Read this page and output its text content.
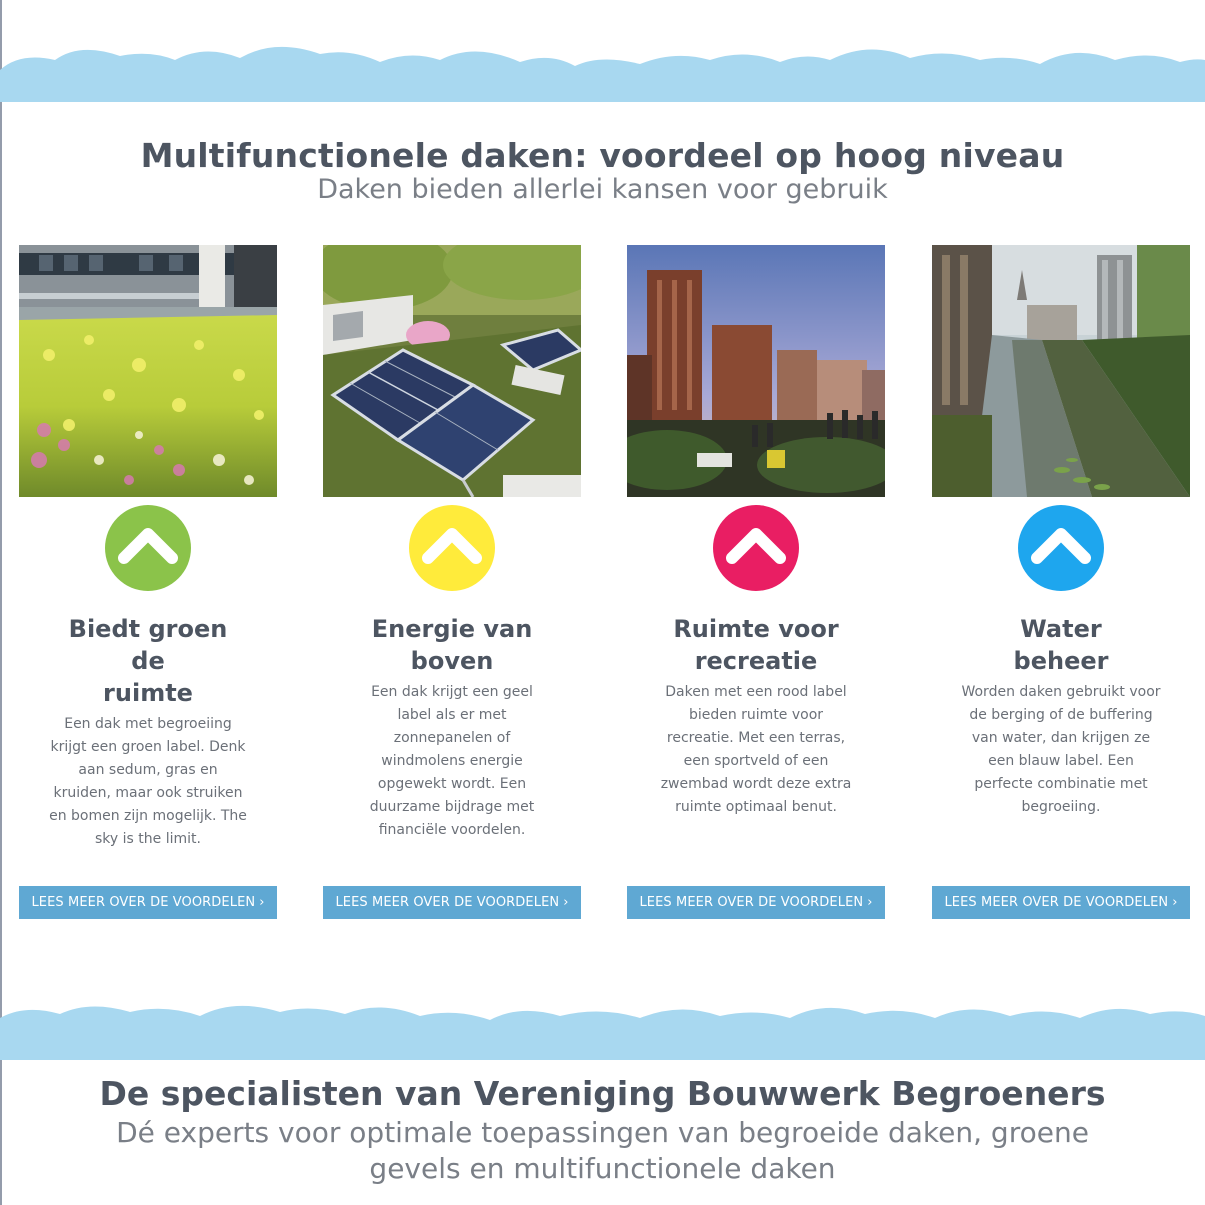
Multifunctionele daken: voordeel op hoog niveau
Daken bieden allerlei kansen voor gebruik
Biedt groen de
ruimte
Een dak met begroeiing krijgt een groen label. Denk aan sedum, gras en kruiden, maar ook struiken en bomen zijn mogelijk. The sky is the limit.
LEES MEER OVER DE VOORDELEN ›
Energie van
boven
Een dak krijgt een geel label als er met zonnepanelen of windmolens energie opgewekt wordt. Een duurzame bijdrage met financiële voordelen.
LEES MEER OVER DE VOORDELEN ›
Ruimte voor
recreatie
Daken met een rood label bieden ruimte voor recreatie. Met een terras, een sportveld of een zwembad wordt deze extra ruimte optimaal benut.
LEES MEER OVER DE VOORDELEN ›
Water
beheer
Worden daken gebruikt voor de berging of de buffering van water, dan krijgen ze een blauw label. Een perfecte combinatie met begroeiing.
LEES MEER OVER DE VOORDELEN ›
De specialisten van Vereniging Bouwwerk Begroeners
Dé experts voor optimale toepassingen van begroeide daken, groene gevels en multifunctionele daken
